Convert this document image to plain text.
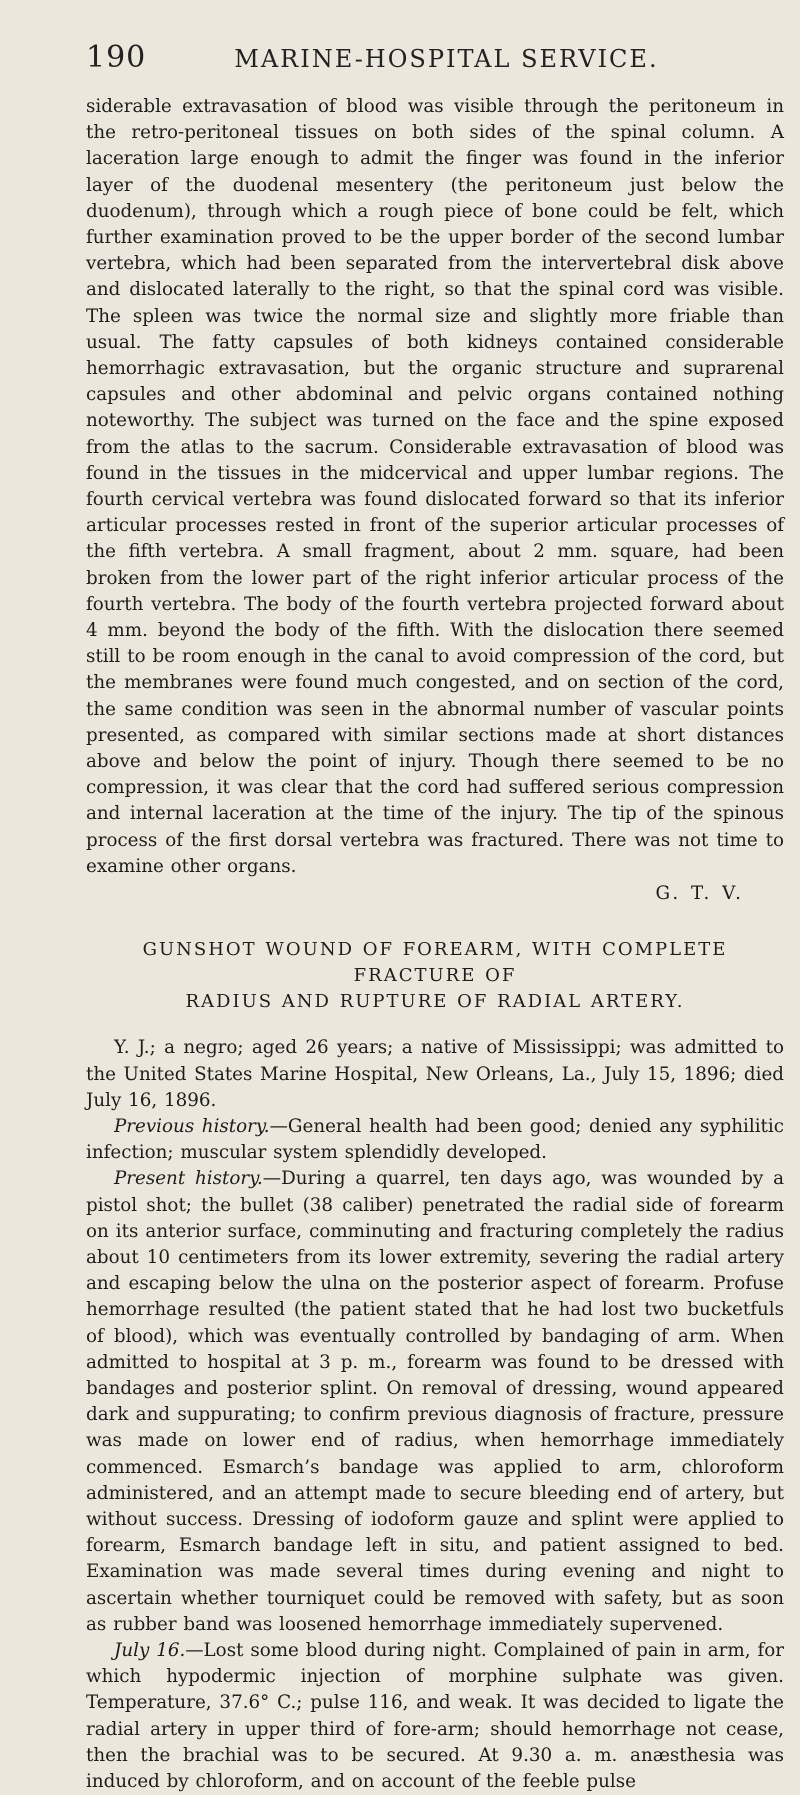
190	MARINE-HOSPITAL SERVICE.

siderable extravasation of blood was visible through the peritoneum in the retro-peritoneal tissues on both sides of the spinal column. A laceration large enough to admit the finger was found in the inferior layer of the duodenal mesentery (the peritoneum just below the duodenum), through which a rough piece of bone could be felt, which further examination proved to be the upper border of the second lumbar vertebra, which had been separated from the intervertebral disk above and dislocated laterally to the right, so that the spinal cord was visible. The spleen was twice the normal size and slightly more friable than usual. The fatty capsules of both kidneys contained considerable hemorrhagic extravasation, but the organic structure and suprarenal capsules and other abdominal and pelvic organs contained nothing noteworthy. The subject was turned on the face and the spine exposed from the atlas to the sacrum. Considerable extravasation of blood was found in the tissues in the midcervical and upper lumbar regions. The fourth cervical vertebra was found dislocated forward so that its inferior articular processes rested in front of the superior articular processes of the fifth vertebra. A small fragment, about 2 mm. square, had been broken from the lower part of the right inferior articular process of the fourth vertebra. The body of the fourth vertebra projected forward about 4 mm. beyond the body of the fifth. With the dislocation there seemed still to be room enough in the canal to avoid compression of the cord, but the membranes were found much congested, and on section of the cord, the same condition was seen in the abnormal number of vascular points presented, as compared with similar sections made at short distances above and below the point of injury. Though there seemed to be no compression, it was clear that the cord had suffered serious compression and internal laceration at the time of the injury. The tip of the spinous process of the first dorsal vertebra was fractured. There was not time to examine other organs.

G. T. V.

GUNSHOT WOUND OF FOREARM, WITH COMPLETE FRACTURE OF
RADIUS AND RUPTURE OF RADIAL ARTERY.

Y. J.; a negro; aged 26 years; a native of Mississippi; was admitted to the United States Marine Hospital, New Orleans, La., July 15, 1896; died July 16, 1896.

Previous history.—General health had been good; denied any syphilitic infection; muscular system splendidly developed.

Present history.—During a quarrel, ten days ago, was wounded by a pistol shot; the bullet (38 caliber) penetrated the radial side of forearm on its anterior surface, comminuting and fracturing completely the radius about 10 centimeters from its lower extremity, severing the radial artery and escaping below the ulna on the posterior aspect of forearm. Profuse hemorrhage resulted (the patient stated that he had lost two bucketfuls of blood), which was eventually controlled by bandaging of arm. When admitted to hospital at 3 p. m., forearm was found to be dressed with bandages and posterior splint. On removal of dressing, wound appeared dark and suppurating; to confirm previous diagnosis of fracture, pressure was made on lower end of radius, when hemorrhage immediately commenced. Esmarch’s bandage was applied to arm, chloroform administered, and an attempt made to secure bleeding end of artery, but without success. Dressing of iodoform gauze and splint were applied to forearm, Esmarch bandage left in situ, and patient assigned to bed. Examination was made several times during evening and night to ascertain whether tourniquet could be removed with safety, but as soon as rubber band was loosened hemorrhage immediately supervened.

July 16.—Lost some blood during night. Complained of pain in arm, for which hypodermic injection of morphine sulphate was given. Temperature, 37.6° C.; pulse 116, and weak. It was decided to ligate the radial artery in upper third of fore-arm; should hemorrhage not cease, then the brachial was to be secured. At 9.30 a. m. anæsthesia was induced by chloroform, and on account of the feeble pulse
